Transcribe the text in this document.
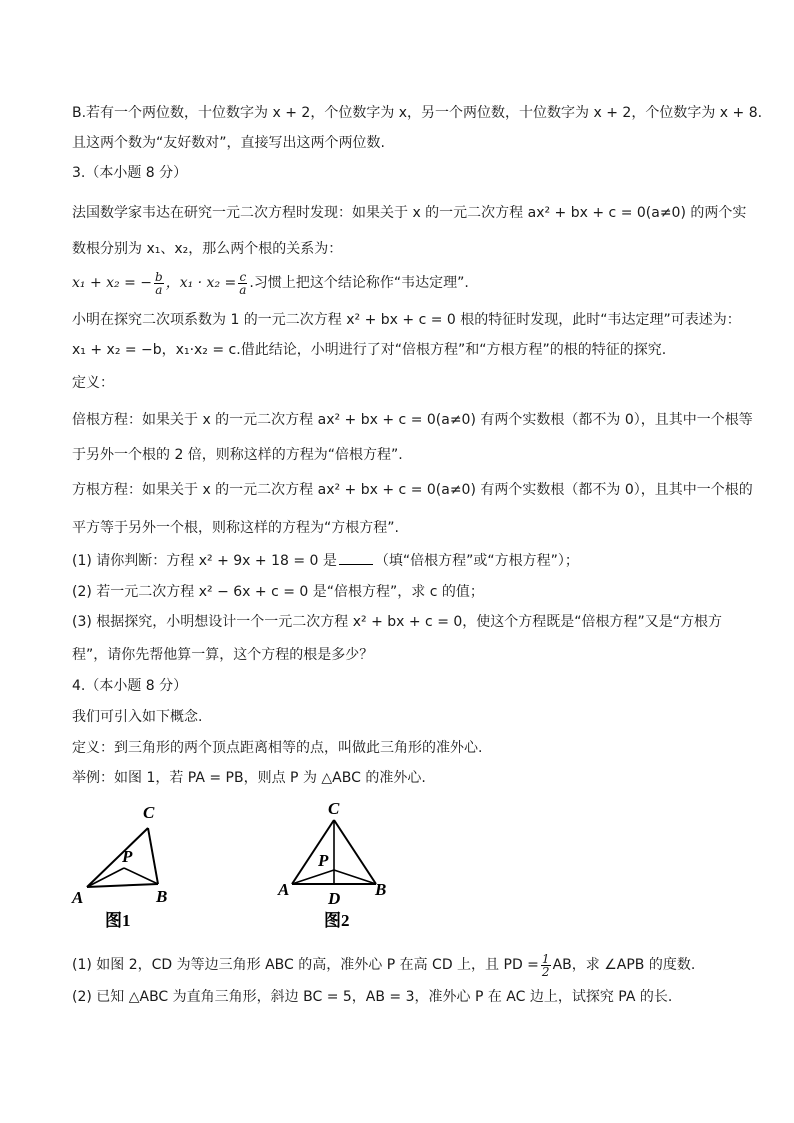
B.若有一个两位数，十位数字为 x + 2，个位数字为 x，另一个两位数，十位数字为 x + 2，个位数字为 x + 8.
且这两个数为“友好数对”，直接写出这两个两位数.
3.（本小题 8 分）
法国数学家韦达在研究一元二次方程时发现：如果关于 x 的一元二次方程 ax² + bx + c = 0(a≠0) 的两个实
数根分别为 x₁、x₂，那么两个根的关系为：
x₁ + x₂ = − $\frac{b}{a}$ ，$x_1 \cdot x_2 = \frac{c}{a}$ .习惯上把这个结论称作“韦达定理”.
小明在探究二次项系数为 1 的一元二次方程 x² + bx + c = 0 根的特征时发现，此时“韦达定理”可表述为：
x₁ + x₂ = −b，x₁·x₂ = c.借此结论，小明进行了对“倍根方程”和“方根方程”的根的特征的探究.
定义：
倍根方程：如果关于 x 的一元二次方程 ax² + bx + c = 0(a≠0) 有两个实数根（都不为 0），且其中一个根等
于另外一个根的 2 倍，则称这样的方程为“倍根方程”.
方根方程：如果关于 x 的一元二次方程 ax² + bx + c = 0(a≠0) 有两个实数根（都不为 0），且其中一个根的
平方等于另外一个根，则称这样的方程为“方根方程”.
(1) 请你判断：方程 x² + 9x + 18 = 0 是	（填“倍根方程”或“方根方程”）；
(2) 若一元二次方程 x² − 6x + c = 0 是“倍根方程”，求 c 的值；
(3) 根据探究，小明想设计一个一元二次方程 x² + bx + c = 0，使这个方程既是“倍根方程”又是“方根方
程”，请你先帮他算一算，这个方程的根是多少？
4.（本小题 8 分）
我们可引入如下概念.
定义：到三角形的两个顶点距离相等的点，叫做此三角形的准外心.
举例：如图 1，若 PA = PB，则点 P 为 △ABC 的准外心.
C
P
A	B
图1
C
P
A	B
D
图2
(1) 如图 2，CD 为等边三角形 ABC 的高，准外心 P 在高 CD 上，且 PD = $\frac{1}{2}$ AB，求 ∠APB 的度数.
(2) 已知 △ABC 为直角三角形，斜边 BC = 5，AB = 3，准外心 P 在 AC 边上，试探究 PA 的长.
